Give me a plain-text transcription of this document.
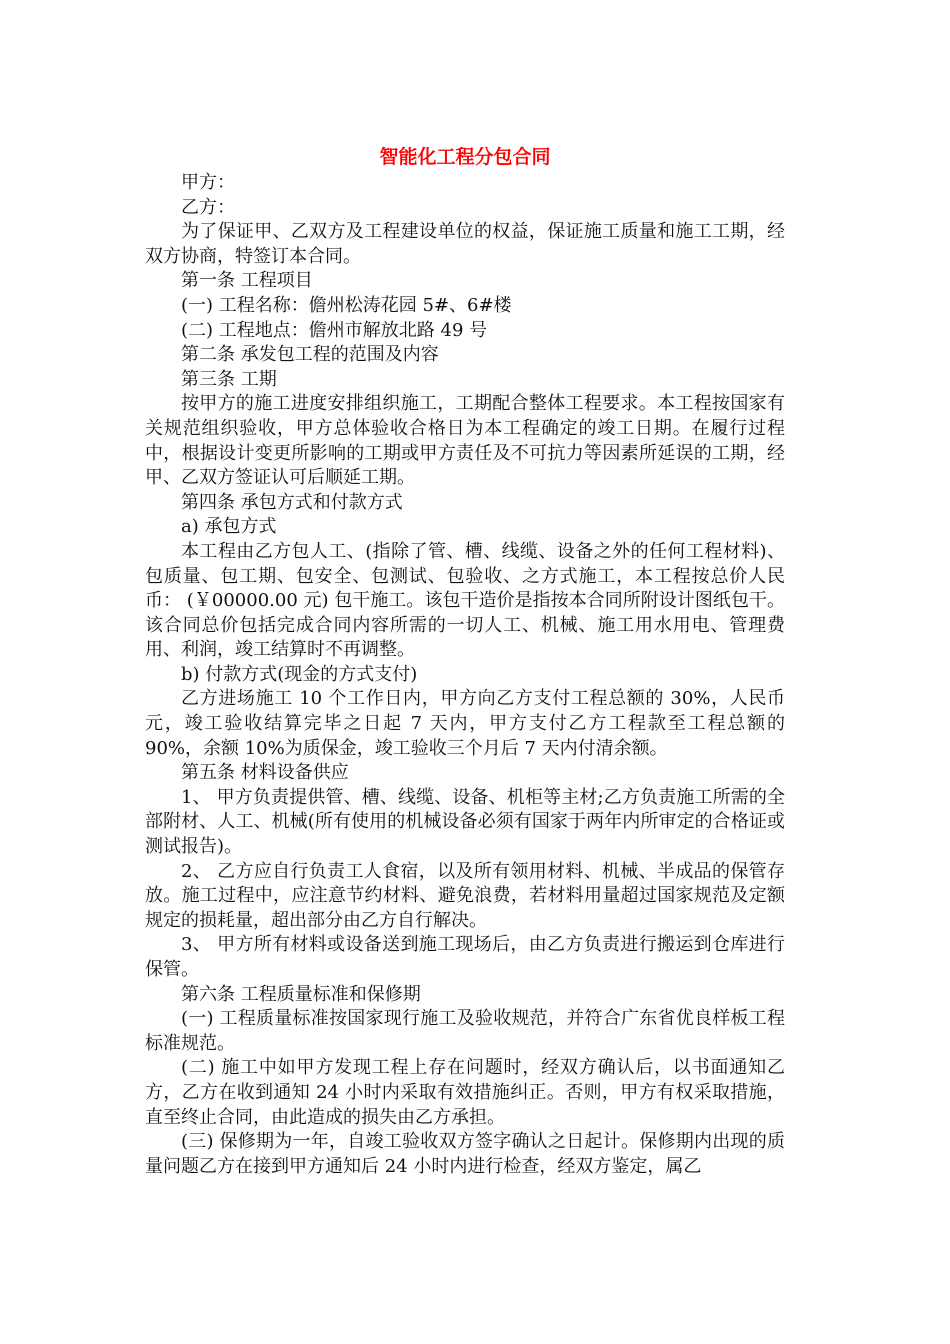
智能化工程分包合同

甲方：

乙方：

为了保证甲、乙双方及工程建设单位的权益，保证施工质量和施工工期，经双方协商，特签订本合同。

第一条 工程项目

(一) 工程名称：儋州松涛花园 5#、6#楼

(二) 工程地点：儋州市解放北路 49 号

第二条 承发包工程的范围及内容

第三条 工期

按甲方的施工进度安排组织施工，工期配合整体工程要求。本工程按国家有关规范组织验收，甲方总体验收合格日为本工程确定的竣工日期。在履行过程中，根据设计变更所影响的工期或甲方责任及不可抗力等因素所延误的工期，经甲、乙双方签证认可后顺延工期。

第四条 承包方式和付款方式

a) 承包方式

本工程由乙方包人工、(指除了管、槽、线缆、设备之外的任何工程材料)、包质量、包工期、包安全、包测试、包验收、之方式施工，本工程按总价人民币： (￥00000.00 元) 包干施工。该包干造价是指按本合同所附设计图纸包干。该合同总价包括完成合同内容所需的一切人工、机械、施工用水用电、管理费用、利润，竣工结算时不再调整。

b) 付款方式(现金的方式支付)

乙方进场施工 10 个工作日内，甲方向乙方支付工程总额的 30%，人民币元，竣工验收结算完毕之日起 7 天内，甲方支付乙方工程款至工程总额的 90%，余额 10%为质保金，竣工验收三个月后 7 天内付清余额。

第五条 材料设备供应

1、 甲方负责提供管、槽、线缆、设备、机柜等主材;乙方负责施工所需的全部附材、人工、机械(所有使用的机械设备必须有国家于两年内所审定的合格证或测试报告)。

2、 乙方应自行负责工人食宿，以及所有领用材料、机械、半成品的保管存放。施工过程中，应注意节约材料、避免浪费，若材料用量超过国家规范及定额规定的损耗量，超出部分由乙方自行解决。

3、 甲方所有材料或设备送到施工现场后，由乙方负责进行搬运到仓库进行保管。

第六条 工程质量标准和保修期

(一) 工程质量标准按国家现行施工及验收规范，并符合广东省优良样板工程标准规范。

(二) 施工中如甲方发现工程上存在问题时，经双方确认后，以书面通知乙方，乙方在收到通知 24 小时内采取有效措施纠正。否则，甲方有权采取措施，直至终止合同，由此造成的损失由乙方承担。

(三) 保修期为一年，自竣工验收双方签字确认之日起计。保修期内出现的质量问题乙方在接到甲方通知后 24 小时内进行检查，经双方鉴定，属乙
